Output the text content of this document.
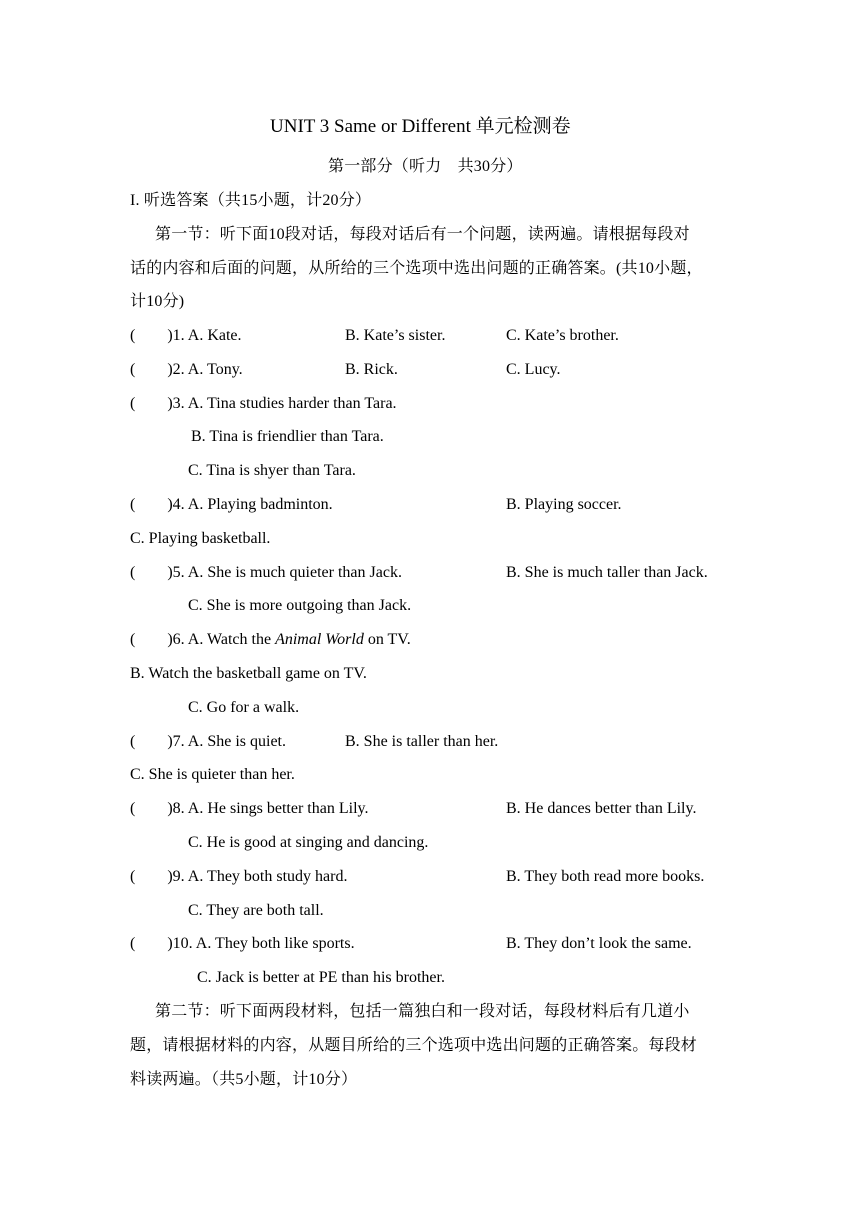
UNIT 3 Same or Different 单元检测卷
第一部分（听力　共30分）
I. 听选答案（共15小题，计20分）
第一节：听下面10段对话，每段对话后有一个问题，读两遍。请根据每段对
话的内容和后面的问题，从所给的三个选项中选出问题的正确答案。(共10小题，
计10分)
(　　)1. A. Kate.	B. Kate’s sister.	C. Kate’s brother.
(　　)2. A. Tony.	B. Rick.	C. Lucy.
(　　)3. A. Tina studies harder than Tara.
B. Tina is friendlier than Tara.
C. Tina is shyer than Tara.
(　　)4. A. Playing badminton.	B. Playing soccer.
C. Playing basketball.
(　　)5. A. She is much quieter than Jack.	B. She is much taller than Jack.
C. She is more outgoing than Jack.
(　　)6. A. Watch the Animal World on TV.
B. Watch the basketball game on TV.
C. Go for a walk.
(　　)7. A. She is quiet.	B. She is taller than her.
C. She is quieter than her.
(　　)8. A. He sings better than Lily.	B. He dances better than Lily.
C. He is good at singing and dancing.
(　　)9. A. They both study hard.	B. They both read more books.
C. They are both tall.
(　　)10. A. They both like sports.	B. They don’t look the same.
C. Jack is better at PE than his brother.
第二节：听下面两段材料，包括一篇独白和一段对话，每段材料后有几道小
题，请根据材料的内容，从题目所给的三个选项中选出问题的正确答案。每段材
料读两遍。（共5小题，计10分）
